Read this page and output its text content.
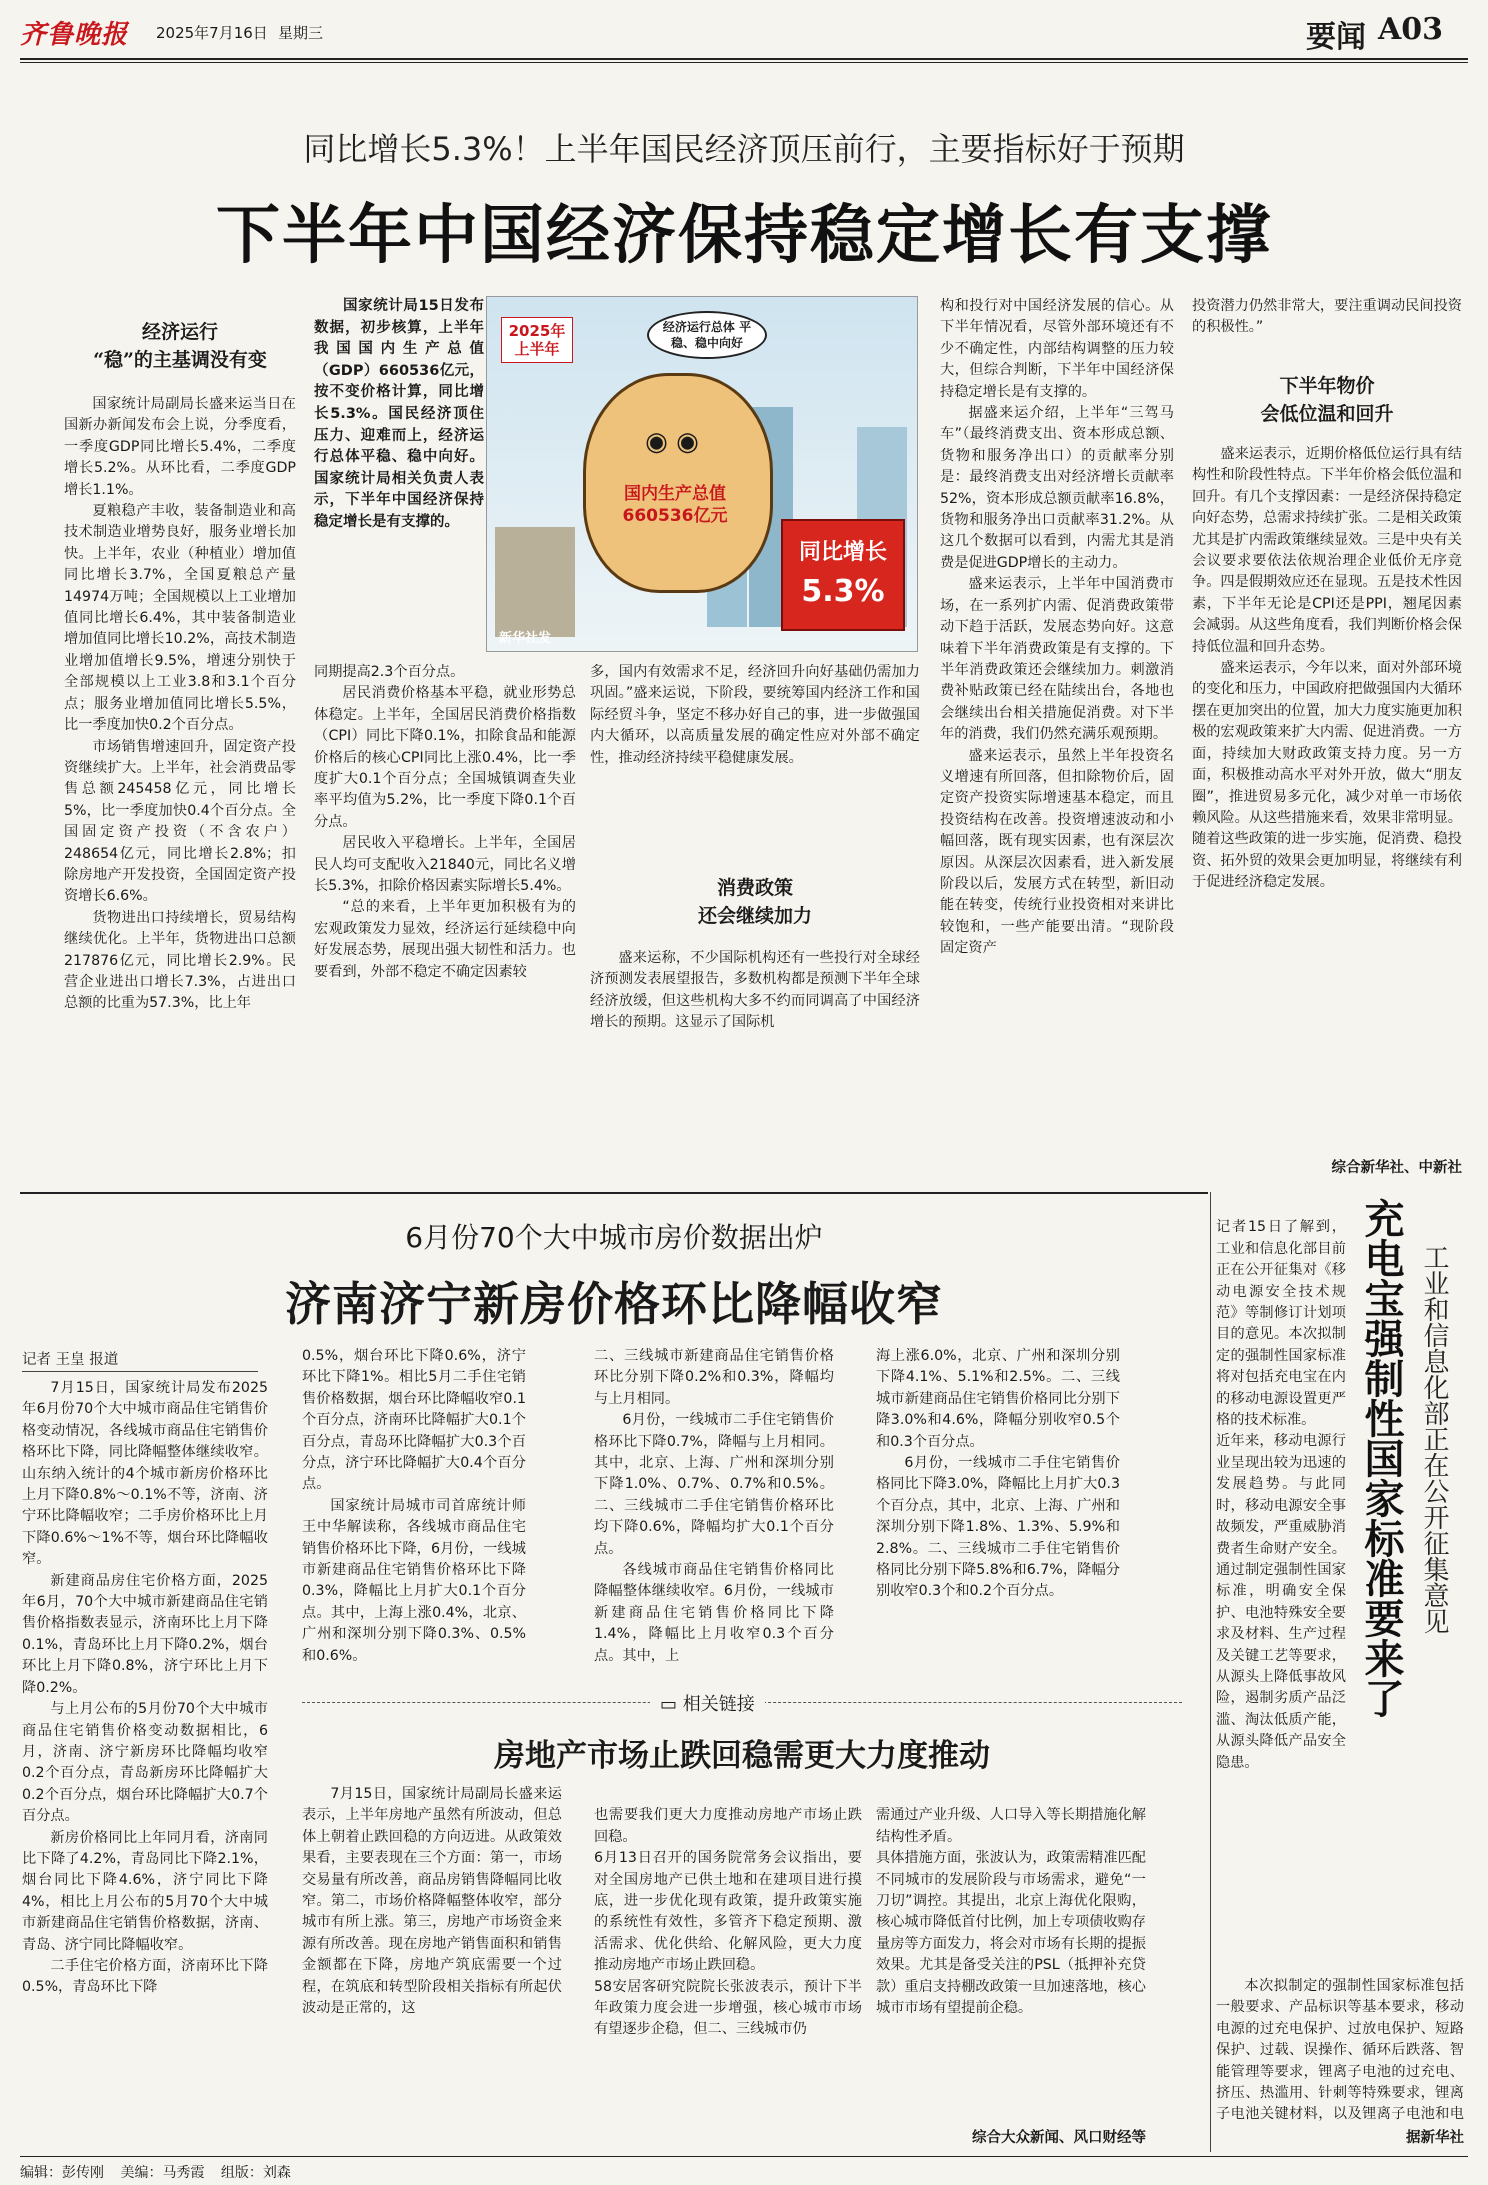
齐鲁晚报 2025年7月16日 星期三	要闻 A03
同比增长5.3%！上半年国民经济顶压前行，主要指标好于预期
下半年中国经济保持稳定增长有支撑
经济运行
“稳”的主基调没有变

国家统计局副局长盛来运当日在国新办新闻发布会上说，分季度看，一季度GDP同比增长5.4%，二季度增长5.2%。从环比看，二季度GDP增长1.1%。

夏粮稳产丰收，装备制造业和高技术制造业增势良好，服务业增长加快。上半年，农业（种植业）增加值同比增长3.7%，全国夏粮总产量14974万吨；全国规模以上工业增加值同比增长6.4%，其中装备制造业增加值同比增长10.2%，高技术制造业增加值增长9.5%，增速分别快于全部规模以上工业3.8和3.1个百分点；服务业增加值同比增长5.5%，比一季度加快0.2个百分点。

市场销售增速回升，固定资产投资继续扩大。上半年，社会消费品零售总额245458亿元，同比增长5%，比一季度加快0.4个百分点。全国固定资产投资（不含农户）248654亿元，同比增长2.8%；扣除房地产开发投资，全国固定资产投资增长6.6%。

货物进出口持续增长，贸易结构继续优化。上半年，货物进出口总额217876亿元，同比增长2.9%。民营企业进出口增长7.3%，占进出口总额的比重为57.3%，比上年

国家统计局15日发布数据，初步核算，上半年我国国内生产总值（GDP）660536亿元，按不变价格计算，同比增长5.3%。国民经济顶住压力、迎难而上，经济运行总体平稳、稳中向好。国家统计局相关负责人表示，下半年中国经济保持稳定增长是有支撑的。

2025年 上半年
经济运行总体 平稳、稳中向好
◉ ◉
国内生产总值 660536亿元
同比增长
5.3%
新华社发

同期提高2.3个百分点。

居民消费价格基本平稳，就业形势总体稳定。上半年，全国居民消费价格指数（CPI）同比下降0.1%，扣除食品和能源价格后的核心CPI同比上涨0.4%，比一季度扩大0.1个百分点；全国城镇调查失业率平均值为5.2%，比一季度下降0.1个百分点。

居民收入平稳增长。上半年，全国居民人均可支配收入21840元，同比名义增长5.3%，扣除价格因素实际增长5.4%。

“总的来看，上半年更加积极有为的宏观政策发力显效，经济运行延续稳中向好发展态势，展现出强大韧性和活力。也要看到，外部不稳定不确定因素较

多，国内有效需求不足，经济回升向好基础仍需加力巩固。”盛来运说，下阶段，要统筹国内经济工作和国际经贸斗争，坚定不移办好自己的事，进一步做强国内大循环，以高质量发展的确定性应对外部不确定性，推动经济持续平稳健康发展。

消费政策
还会继续加力

盛来运称，不少国际机构还有一些投行对全球经济预测发表展望报告，多数机构都是预测下半年全球经济放缓，但这些机构大多不约而同调高了中国经济增长的预期。这显示了国际机

构和投行对中国经济发展的信心。从下半年情况看，尽管外部环境还有不少不确定性，内部结构调整的压力较大，但综合判断，下半年中国经济保持稳定增长是有支撑的。

据盛来运介绍，上半年“三驾马车”（最终消费支出、资本形成总额、货物和服务净出口）的贡献率分别是：最终消费支出对经济增长贡献率52%，资本形成总额贡献率16.8%，货物和服务净出口贡献率31.2%。从这几个数据可以看到，内需尤其是消费是促进GDP增长的主动力。

盛来运表示，上半年中国消费市场，在一系列扩内需、促消费政策带动下趋于活跃，发展态势向好。这意味着下半年消费政策是有支撑的。下半年消费政策还会继续加力。刺激消费补贴政策已经在陆续出台，各地也会继续出台相关措施促消费。对下半年的消费，我们仍然充满乐观预期。

盛来运表示，虽然上半年投资名义增速有所回落，但扣除物价后，固定资产投资实际增速基本稳定，而且投资结构在改善。投资增速波动和小幅回落，既有现实因素，也有深层次原因。从深层次因素看，进入新发展阶段以后，发展方式在转型，新旧动能在转变，传统行业投资相对来讲比较饱和，一些产能要出清。“现阶段固定资产

投资潜力仍然非常大，要注重调动民间投资的积极性。”

下半年物价
会低位温和回升

盛来运表示，近期价格低位运行具有结构性和阶段性特点。下半年价格会低位温和回升。有几个支撑因素：一是经济保持稳定向好态势，总需求持续扩张。二是相关政策尤其是扩内需政策继续显效。三是中央有关会议要求要依法依规治理企业低价无序竞争。四是假期效应还在显现。五是技术性因素，下半年无论是CPI还是PPI，翘尾因素会减弱。从这些角度看，我们判断价格会保持低位温和回升态势。

盛来运表示，今年以来，面对外部环境的变化和压力，中国政府把做强国内大循环摆在更加突出的位置，加大力度实施更加积极的宏观政策来扩大内需、促进消费。一方面，持续加大财政政策支持力度。另一方面，积极推动高水平对外开放，做大“朋友圈”，推进贸易多元化，减少对单一市场依赖风险。从这些措施来看，效果非常明显。随着这些政策的进一步实施，促消费、稳投资、拓外贸的效果会更加明显，将继续有利于促进经济稳定发展。

综合新华社、中新社
6月份70个大中城市房价数据出炉
济南济宁新房价格环比降幅收窄
记者 王皇 报道

7月15日，国家统计局发布2025年6月份70个大中城市商品住宅销售价格变动情况，各线城市商品住宅销售价格环比下降，同比降幅整体继续收窄。山东纳入统计的4个城市新房价格环比上月下降0.8%～0.1%不等，济南、济宁环比降幅收窄；二手房价格环比上月下降0.6%～1%不等，烟台环比降幅收窄。

新建商品房住宅价格方面，2025年6月，70个大中城市新建商品住宅销售价格指数表显示，济南环比上月下降0.1%，青岛环比上月下降0.2%，烟台环比上月下降0.8%，济宁环比上月下降0.2%。

与上月公布的5月份70个大中城市商品住宅销售价格变动数据相比，6月，济南、济宁新房环比降幅均收窄0.2个百分点，青岛新房环比降幅扩大0.2个百分点，烟台环比降幅扩大0.7个百分点。

新房价格同比上年同月看，济南同比下降了4.2%，青岛同比下降2.1%，烟台同比下降4.6%，济宁同比下降4%，相比上月公布的5月70个大中城市新建商品住宅销售价格数据，济南、青岛、济宁同比降幅收窄。

二手住宅价格方面，济南环比下降0.5%，青岛环比下降

0.5%，烟台环比下降0.6%，济宁环比下降1%。相比5月二手住宅销售价格数据，烟台环比降幅收窄0.1个百分点，济南环比降幅扩大0.1个百分点，青岛环比降幅扩大0.3个百分点，济宁环比降幅扩大0.4个百分点。

国家统计局城市司首席统计师王中华解读称，各线城市商品住宅销售价格环比下降，6月份，一线城市新建商品住宅销售价格环比下降0.3%，降幅比上月扩大0.1个百分点。其中，上海上涨0.4%，北京、广州和深圳分别下降0.3%、0.5%和0.6%。

二、三线城市新建商品住宅销售价格环比分别下降0.2%和0.3%，降幅均与上月相同。

6月份，一线城市二手住宅销售价格环比下降0.7%，降幅与上月相同。其中，北京、上海、广州和深圳分别下降1.0%、0.7%、0.7%和0.5%。二、三线城市二手住宅销售价格环比均下降0.6%，降幅均扩大0.1个百分点。

各线城市商品住宅销售价格同比降幅整体继续收窄。6月份，一线城市新建商品住宅销售价格同比下降1.4%，降幅比上月收窄0.3个百分点。其中，上

海上涨6.0%，北京、广州和深圳分别下降4.1%、5.1%和2.5%。二、三线城市新建商品住宅销售价格同比分别下降3.0%和4.6%，降幅分别收窄0.5个和0.3个百分点。

6月份，一线城市二手住宅销售价格同比下降3.0%，降幅比上月扩大0.3个百分点，其中，北京、上海、广州和深圳分别下降1.8%、1.3%、5.9%和2.8%。二、三线城市二手住宅销售价格同比分别下降5.8%和6.7%，降幅分别收窄0.3个和0.2个百分点。

▭ 相关链接
房地产市场止跌回稳需更大力度推动

7月15日，国家统计局副局长盛来运表示，上半年房地产虽然有所波动，但总体上朝着止跌回稳的方向迈进。从政策效果看，主要表现在三个方面：第一，市场交易量有所改善，商品房销售降幅同比收窄。第二，市场价格降幅整体收窄，部分城市有所上涨。第三，房地产市场资金来源有所改善。现在房地产销售面积和销售金额都在下降，房地产筑底需要一个过程，在筑底和转型阶段相关指标有所起伏波动是正常的，这

也需要我们更大力度推动房地产市场止跌回稳。
6月13日召开的国务院常务会议指出，要对全国房地产已供土地和在建项目进行摸底，进一步优化现有政策，提升政策实施的系统性有效性，多管齐下稳定预期、激活需求、优化供给、化解风险，更大力度推动房地产市场止跌回稳。
58安居客研究院院长张波表示，预计下半年政策力度会进一步增强，核心城市市场有望逐步企稳，但二、三线城市仍

需通过产业升级、人口导入等长期措施化解结构性矛盾。
具体措施方面，张波认为，政策需精准匹配不同城市的发展阶段与市场需求，避免“一刀切”调控。其提出，北京上海优化限购，核心城市降低首付比例，加上专项债收购存量房等方面发力，将会对市场有长期的提振效果。尤其是备受关注的PSL（抵押补充贷款）重启支持棚改政策一旦加速落地，核心城市市场有望提前企稳。

综合大众新闻、风口财经等

记者15日了解到，工业和信息化部目前正在公开征集对《移动电源安全技术规范》等制修订计划项目的意见。本次拟制定的强制性国家标准将对包括充电宝在内的移动电源设置更严格的技术标准。
近年来，移动电源行业呈现出较为迅速的发展趋势。与此同时，移动电源安全事故频发，严重威胁消费者生命财产安全。通过制定强制性国家标准，明确安全保护、电池特殊安全要求及材料、生产过程及关键工艺等要求，从源头上降低事故风险，遏制劣质产品泛滥、淘汰低质产能，从源头降低产品安全隐患。

充电宝强制性国家标准要来了 工业和信息化部正在公开征集意见

本次拟制定的强制性国家标准包括一般要求、产品标识等基本要求，移动电源的过充电保护、过放电保护、短路保护、过载、误操作、循环后跌落、智能管理等要求，锂离子电池的过充电、挤压、热滥用、针刺等特殊要求，锂离子电池关键材料，以及锂离子电池和电

据新华社
编辑：彭传刚 美编：马秀霞 组版：刘森
